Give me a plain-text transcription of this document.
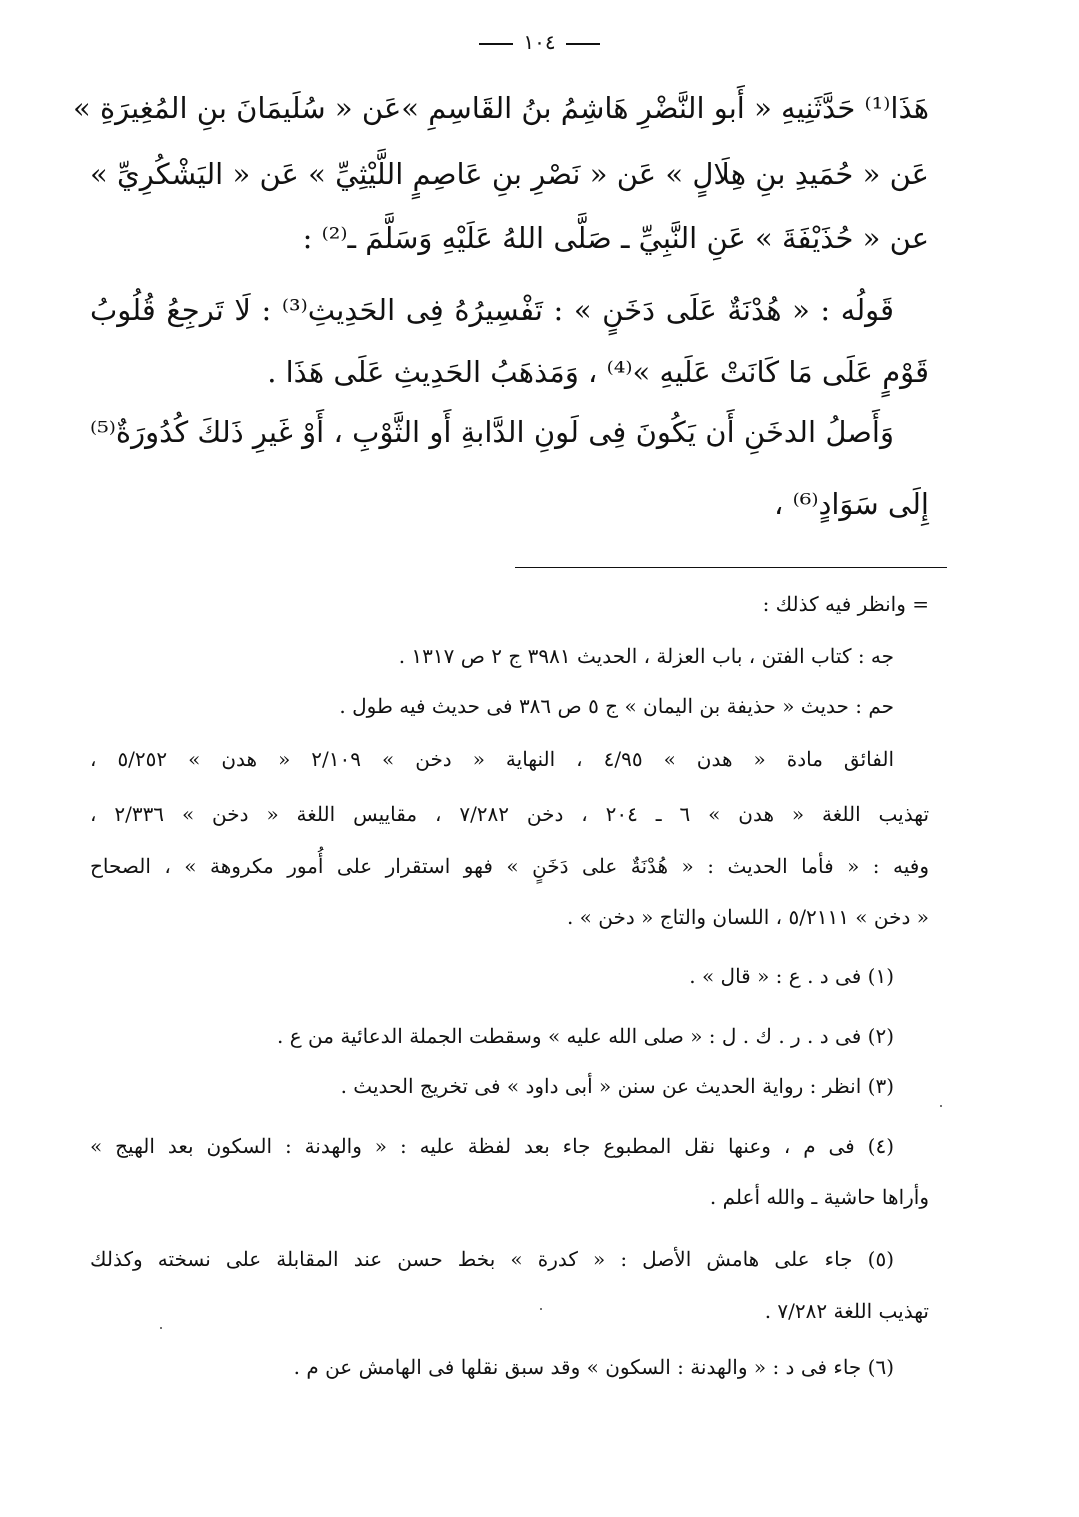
١٠٤
هَذَا⁽¹⁾ حَدَّثَنِيهِ « أَبو النَّضْرِ هَاشِمُ بنُ القَاسِمِ »عَن « سُلَيمَانَ بنِ المُغِيرَةِ »
عَن « حُمَيدِ بنِ هِلَالٍ » عَن « نَصْرِ بنِ عَاصِمٍ اللَّيْثِيِّ » عَن « اليَشْكُرِيِّ »
عن « حُذَيْفَةَ » عَنِ النَّبِيِّ ـ صَلَّى اللهُ عَلَيْهِ وَسَلَّمَ ـ⁽²⁾ :
قَولُه : « هُدْنَةٌ عَلَى دَخَنٍ » : تَفْسِيرُهُ فِى الحَدِيثِ⁽³⁾ : لَا تَرجِعُ قُلُوبُ
قَوْمٍ عَلَى مَا كَانَتْ عَلَيهِ »⁽⁴⁾ ، وَمَذهَبُ الحَدِيثِ عَلَى هَذَا .
وَأَصلُ الدخَنِ أَن يَكُونَ فِى لَونِ الدَّابةِ أَو الثَّوْبِ ، أَوْ غَيرِ ذَلكَ كُدُورَةٌ⁽⁵⁾
إِلَى سَوَادٍ⁽⁶⁾ ،
= وانظر فيه كذلك :
جه : كتاب الفتن ، باب العزلة ، الحديث ٣٩٨١ ج ٢ ص ١٣١٧ .
حم : حديث « حذيفة بن اليمان » ج ٥ ص ٣٨٦ فى حديث فيه طول .
الفائق مادة « هدن » ٤/٩٥ ، النهاية « دخن » ٢/١٠٩ « هدن » ٥/٢٥٢ ،
تهذيب اللغة « هدن » ٦ ـ ٢٠٤ ، دخن ٧/٢٨٢ ، مقاييس اللغة « دخن » ٢/٣٣٦ ،
وفيه : « فأما الحديث : « هُدْنَةٌ على دَخَنٍ » فهو استقرار على أُمور مكروهة » ، الصحاح
« دخن » ٥/٢١١١ ، اللسان والتاج « دخن » .
(١) فى د . ع : « قال » .
(٢) فى د . ر . ك . ل : « صلى الله عليه » وسقطت الجملة الدعائية من ع .
(٣) انظر : رواية الحديث عن سنن « أبى داود » فى تخريج الحديث .
(٤) فى م ، وعنها نقل المطبوع جاء بعد لفظة عليه : « والهدنة : السكون بعد الهيج »
وأراها حاشية ـ والله أعلم .
(٥) جاء على هامش الأصل : « كدرة » بخط حسن عند المقابلة على نسخته وكذلك
تهذيب اللغة ٧/٢٨٢ .
(٦) جاء فى د : « والهدنة : السكون » وقد سبق نقلها فى الهامش عن م .
